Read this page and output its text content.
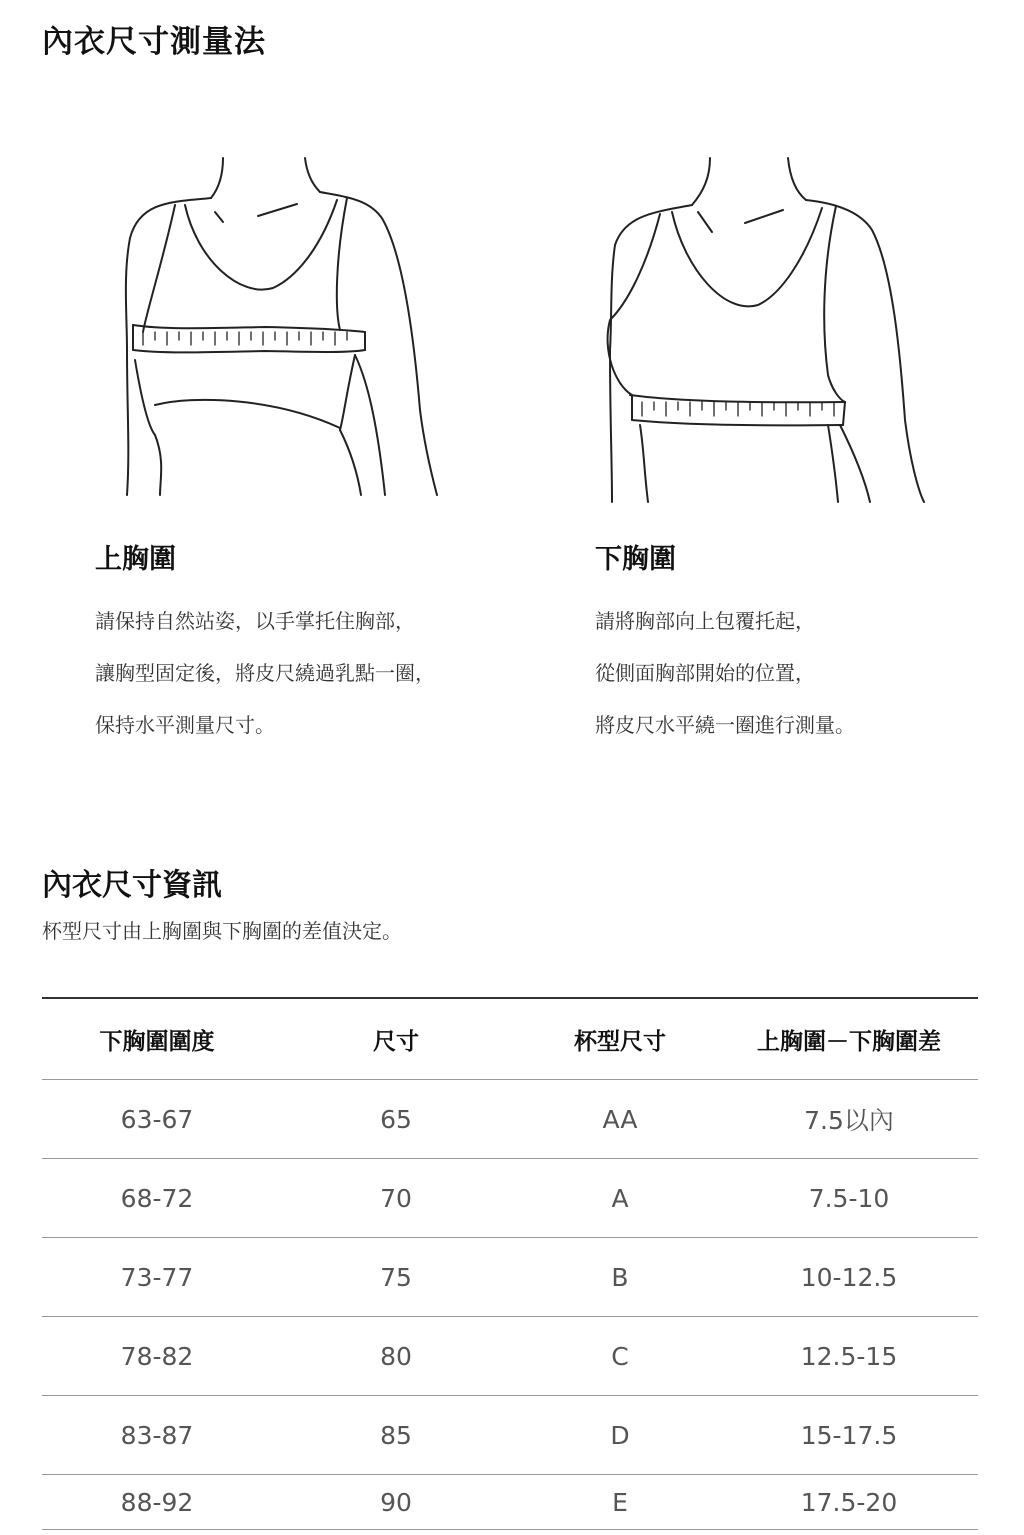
內衣尺寸測量法
上胸圍
請保持自然站姿，以手掌托住胸部，
讓胸型固定後，將皮尺繞過乳點一圈，
保持水平測量尺寸。
下胸圍
請將胸部向上包覆托起，
從側面胸部開始的位置，
將皮尺水平繞一圈進行測量。
內衣尺寸資訊

杯型尺寸由上胸圍與下胸圍的差值決定。

下胸圍圍度	尺寸	杯型尺寸	上胸圍－下胸圍差
63-67	65	AA	7.5以內
68-72	70	A	7.5-10
73-77	75	B	10-12.5
78-82	80	C	12.5-15
83-87	85	D	15-17.5
88-92	90	E	17.5-20
